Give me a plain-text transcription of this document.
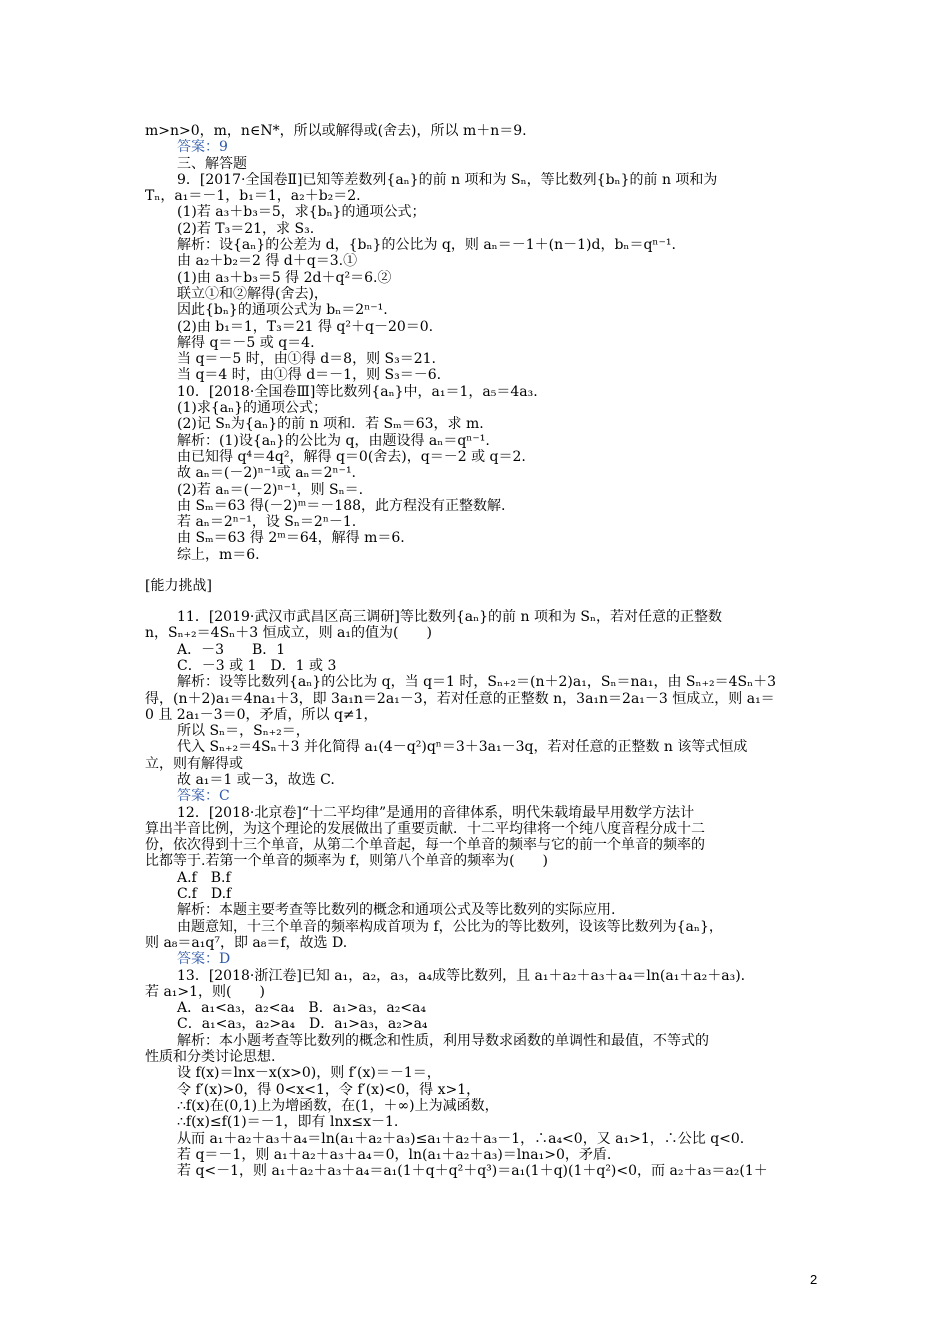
m>n>0，m，n∈N*，所以或解得或(舍去)，所以 m＋n＝9.
答案：9
三、解答题
9．[2017·全国卷Ⅱ]已知等差数列{aₙ}的前 n 项和为 Sₙ，等比数列{bₙ}的前 n 项和为
Tₙ，a₁＝－1，b₁＝1，a₂＋b₂＝2.
(1)若 a₃＋b₃＝5，求{bₙ}的通项公式；
(2)若 T₃＝21，求 S₃.
解析：设{aₙ}的公差为 d，{bₙ}的公比为 q，则 aₙ＝－1＋(n－1)d，bₙ＝qⁿ⁻¹.
由 a₂＋b₂＝2 得 d＋q＝3.①
(1)由 a₃＋b₃＝5 得 2d＋q²＝6.②
联立①和②解得(舍去)，
因此{bₙ}的通项公式为 bₙ＝2ⁿ⁻¹.
(2)由 b₁＝1，T₃＝21 得 q²＋q－20＝0.
解得 q＝－5 或 q＝4.
当 q＝－5 时，由①得 d＝8，则 S₃＝21.
当 q＝4 时，由①得 d＝－1，则 S₃＝－6.
10．[2018·全国卷Ⅲ]等比数列{aₙ}中，a₁＝1，a₅＝4a₃.
(1)求{aₙ}的通项公式；
(2)记 Sₙ为{aₙ}的前 n 项和．若 Sₘ＝63，求 m.
解析：(1)设{aₙ}的公比为 q，由题设得 aₙ＝qⁿ⁻¹.
由已知得 q⁴＝4q²，解得 q＝0(舍去)，q＝－2 或 q＝2.
故 aₙ＝(－2)ⁿ⁻¹或 aₙ＝2ⁿ⁻¹.
(2)若 aₙ＝(－2)ⁿ⁻¹，则 Sₙ＝.
由 Sₘ＝63 得(－2)ᵐ＝－188，此方程没有正整数解.
若 aₙ＝2ⁿ⁻¹，设 Sₙ＝2ⁿ－1.
由 Sₘ＝63 得 2ᵐ＝64，解得 m＝6.
综上，m＝6.
[能力挑战]
11．[2019·武汉市武昌区高三调研]等比数列{aₙ}的前 n 项和为 Sₙ，若对任意的正整数
n，Sₙ₊₂＝4Sₙ＋3 恒成立，则 a₁的值为(　　)
A．－3　　B．1
C．－3 或 1　D．1 或 3
解析：设等比数列{aₙ}的公比为 q，当 q＝1 时，Sₙ₊₂＝(n＋2)a₁，Sₙ＝na₁，由 Sₙ₊₂＝4Sₙ＋3
得，(n＋2)a₁＝4na₁＋3，即 3a₁n＝2a₁－3，若对任意的正整数 n，3a₁n＝2a₁－3 恒成立，则 a₁＝
0 且 2a₁－3＝0，矛盾，所以 q≠1，
所以 Sₙ＝，Sₙ₊₂＝，
代入 Sₙ₊₂＝4Sₙ＋3 并化简得 a₁(4－q²)qⁿ＝3＋3a₁－3q，若对任意的正整数 n 该等式恒成
立，则有解得或
故 a₁＝1 或－3，故选 C.
答案：C
12．[2018·北京卷]“十二平均律”是通用的音律体系，明代朱载堉最早用数学方法计
算出半音比例，为这个理论的发展做出了重要贡献．十二平均律将一个纯八度音程分成十二
份，依次得到十三个单音，从第二个单音起，每一个单音的频率与它的前一个单音的频率的
比都等于.若第一个单音的频率为 f，则第八个单音的频率为(　　)
A.f　B.f
C.f　D.f
解析：本题主要考查等比数列的概念和通项公式及等比数列的实际应用.
由题意知，十三个单音的频率构成首项为 f，公比为的等比数列，设该等比数列为{aₙ}，
则 a₈＝a₁q⁷，即 a₈＝f，故选 D.
答案：D
13．[2018·浙江卷]已知 a₁，a₂，a₃，a₄成等比数列，且 a₁＋a₂＋a₃＋a₄＝ln(a₁＋a₂＋a₃).
若 a₁>1，则(　　)
A．a₁<a₃，a₂<a₄　B．a₁>a₃，a₂<a₄
C．a₁<a₃，a₂>a₄　D．a₁>a₃，a₂>a₄
解析：本小题考查等比数列的概念和性质，利用导数求函数的单调性和最值，不等式的
性质和分类讨论思想.
设 f(x)＝lnx－x(x>0)，则 f′(x)＝－1＝，
令 f′(x)>0，得 0<x<1，令 f′(x)<0，得 x>1，
∴f(x)在(0,1)上为增函数，在(1，＋∞)上为减函数，
∴f(x)≤f(1)＝－1，即有 lnx≤x－1.
从而 a₁＋a₂＋a₃＋a₄＝ln(a₁＋a₂＋a₃)≤a₁＋a₂＋a₃－1，∴a₄<0，又 a₁>1，∴公比 q<0.
若 q＝－1，则 a₁＋a₂＋a₃＋a₄＝0，ln(a₁＋a₂＋a₃)＝lna₁>0，矛盾.
若 q<－1，则 a₁＋a₂＋a₃＋a₄＝a₁(1＋q＋q²＋q³)＝a₁(1＋q)(1＋q²)<0，而 a₂＋a₃＝a₂(1＋
2
